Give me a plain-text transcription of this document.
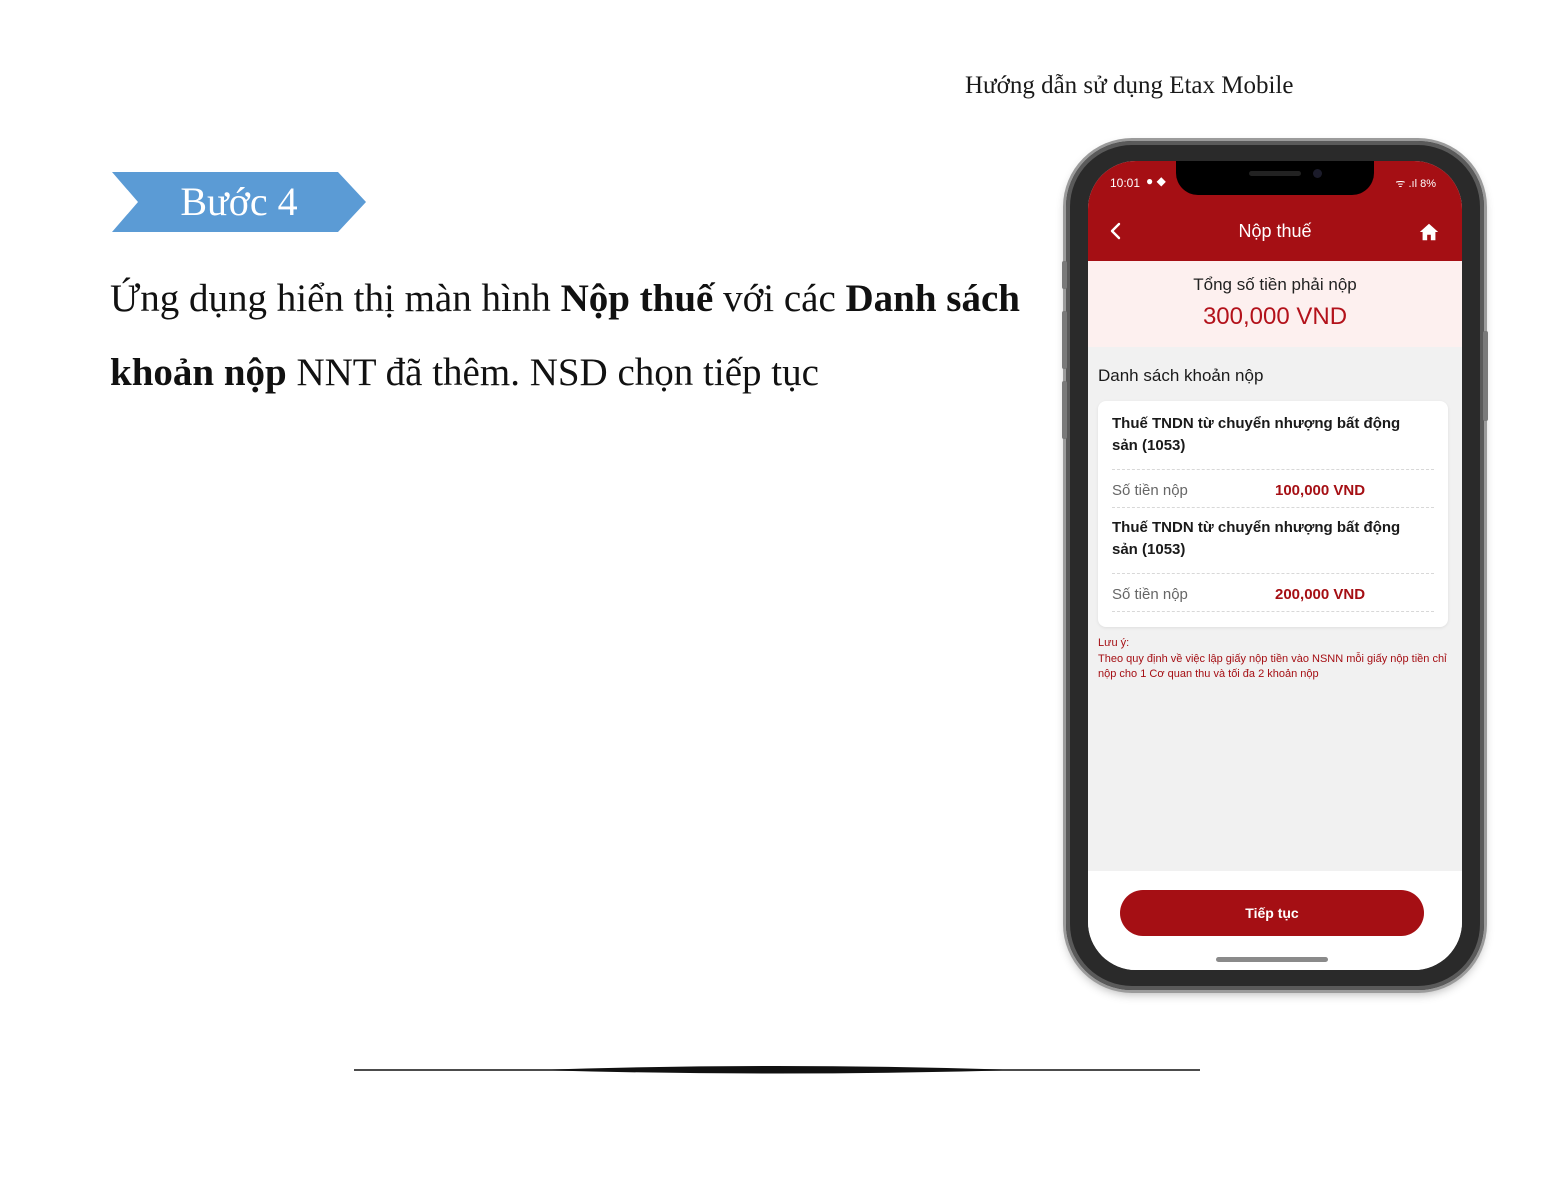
Hướng dẫn sử dụng Etax Mobile
Bước 4
Ứng dụng hiển thị màn hình Nộp thuế với các Danh sách khoản nộp NNT đã thêm. NSD chọn tiếp tục
10:01 ● ◆	ᯤ .ıl 8%
Nộp thuế
Tổng số tiền phải nộp
300,000 VND
Danh sách khoản nộp
Thuế TNDN từ chuyển nhượng bất động sản (1053)
Số tiền nộp	100,000 VND
Thuế TNDN từ chuyển nhượng bất động sản (1053)
Số tiền nộp	200,000 VND
Lưu ý:
Theo quy định về việc lập giấy nộp tiền vào NSNN mỗi giấy nộp tiền chỉ nộp cho 1 Cơ quan thu và tối đa 2 khoản nộp
Tiếp tục
